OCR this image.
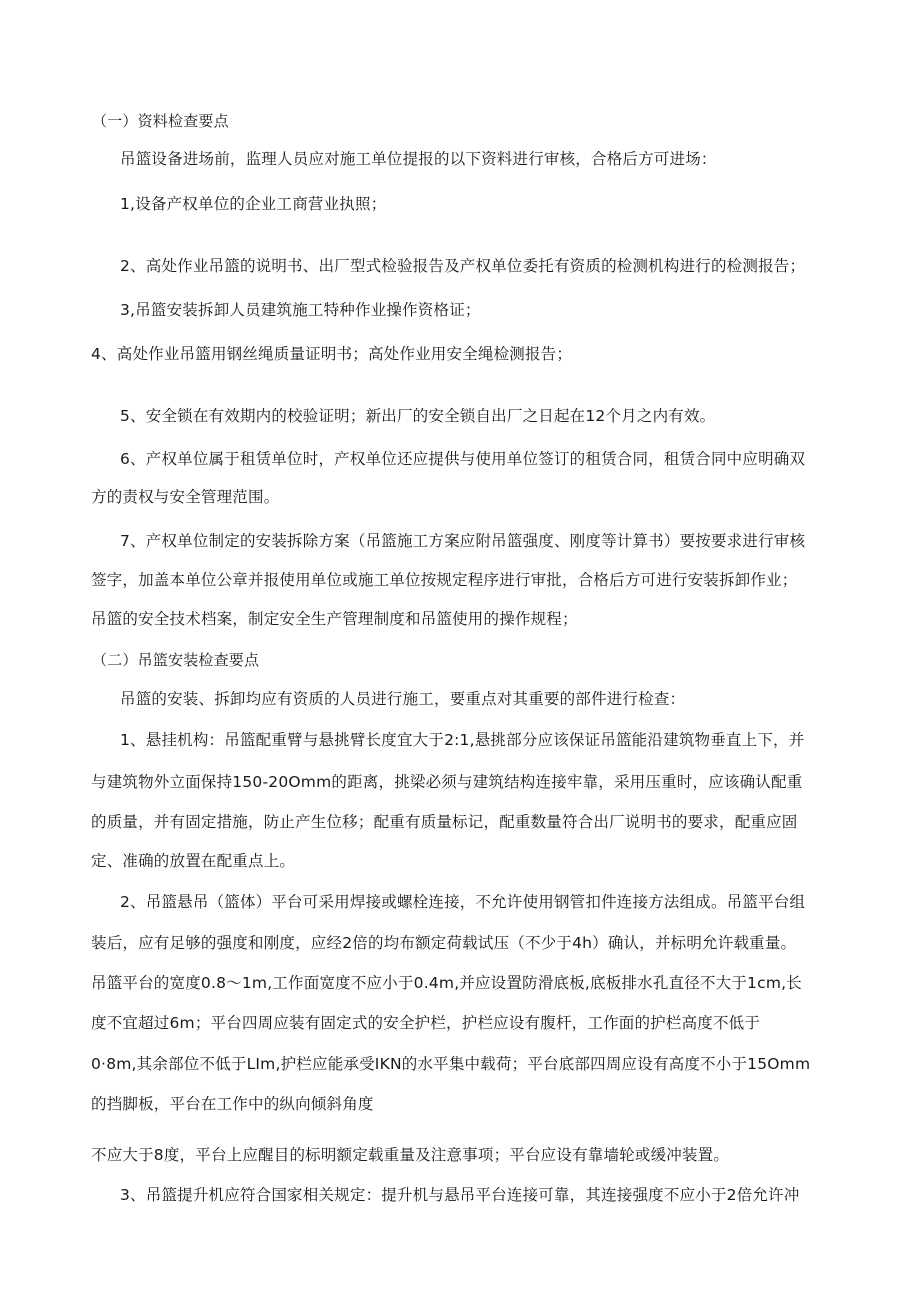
（一）资料检查要点
吊篮设备进场前，监理人员应对施工单位提报的以下资料进行审核，合格后方可进场：
1,设备产权单位的企业工商营业执照；
2、高处作业吊篮的说明书、出厂型式检验报告及产权单位委托有资质的检测机构进行的检测报告；
3,吊篮安装拆卸人员建筑施工特种作业操作资格证；
4、高处作业吊篮用钢丝绳质量证明书；高处作业用安全绳检测报告；
5、安全锁在有效期内的校验证明；新出厂的安全锁自出厂之日起在12个月之内有效。
6、产权单位属于租赁单位时，产权单位还应提供与使用单位签订的租赁合同，租赁合同中应明确双
方的责权与安全管理范围。
7、产权单位制定的安装拆除方案（吊篮施工方案应附吊篮强度、刚度等计算书）要按要求进行审核
签字，加盖本单位公章并报使用单位或施工单位按规定程序进行审批，合格后方可进行安装拆卸作业；
吊篮的安全技术档案，制定安全生产管理制度和吊篮使用的操作规程；
（二）吊篮安装检查要点
吊篮的安装、拆卸均应有资质的人员进行施工，要重点对其重要的部件进行检查：
1、悬挂机构：吊篮配重臂与悬挑臂长度宜大于2:1,悬挑部分应该保证吊篮能沿建筑物垂直上下，并
与建筑物外立面保持150-20Omm的距离，挑梁必须与建筑结构连接牢靠，采用压重时，应该确认配重
的质量，并有固定措施，防止产生位移；配重有质量标记，配重数量符合出厂说明书的要求，配重应固
定、准确的放置在配重点上。
2、吊篮悬吊（篮体）平台可采用焊接或螺栓连接，不允许使用钢管扣件连接方法组成。吊篮平台组
装后，应有足够的强度和刚度，应经2倍的均布额定荷载试压（不少于4h）确认，并标明允许载重量。
吊篮平台的宽度0.8～1m,工作面宽度不应小于0.4m,并应设置防滑底板,底板排水孔直径不大于1cm,长
度不宜超过6m；平台四周应装有固定式的安全护栏，护栏应设有腹杆，工作面的护栏高度不低于
0·8m,其余部位不低于LIm,护栏应能承受IKN的水平集中载荷；平台底部四周应设有高度不小于15Omm
的挡脚板，平台在工作中的纵向倾斜角度
不应大于8度，平台上应醒目的标明额定载重量及注意事项；平台应设有靠墙轮或缓冲装置。
3、吊篮提升机应符合国家相关规定：提升机与悬吊平台连接可靠，其连接强度不应小于2倍允许冲
